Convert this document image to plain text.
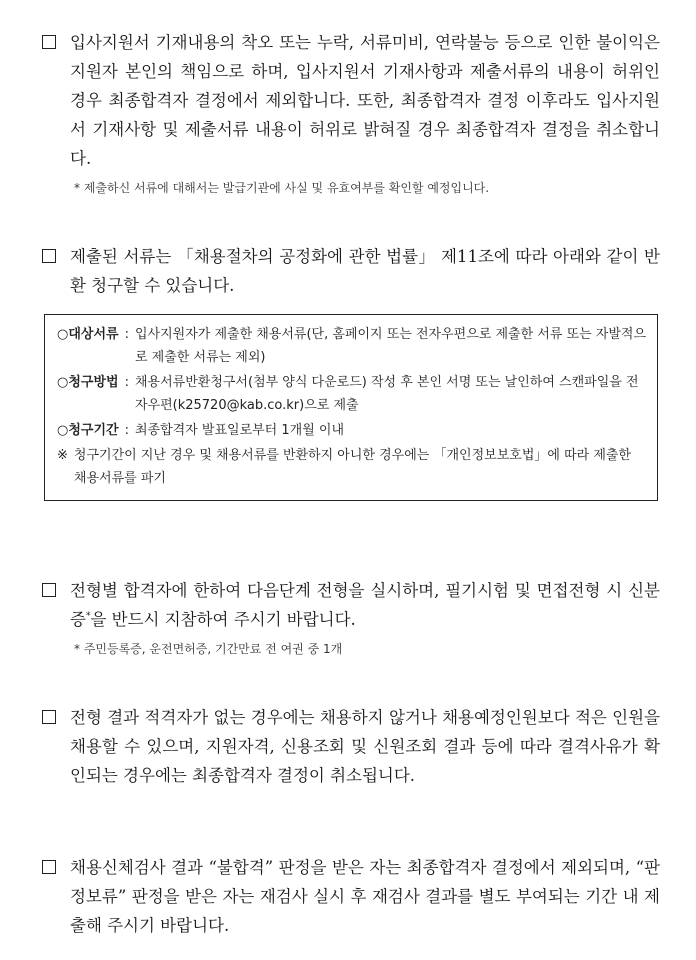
입사지원서 기재내용의 착오 또는 누락, 서류미비, 연락불능 등으로 인한 불이익은 지원자 본인의 책임으로 하며, 입사지원서 기재사항과 제출서류의 내용이 허위인 경우 최종합격자 결정에서 제외합니다. 또한, 최종합격자 결정 이후라도 입사지원서 기재사항 및 제출서류 내용이 허위로 밝혀질 경우 최종합격자 결정을 취소합니다.
* 제출하신 서류에 대해서는 발급기관에 사실 및 유효여부를 확인할 예정입니다.
제출된 서류는 「채용절차의 공정화에 관한 법률」 제11조에 따라 아래와 같이 반환 청구할 수 있습니다.
○대상서류 : 입사지원자가 제출한 채용서류(단, 홈페이지 또는 전자우편으로 제출한 서류 또는 자발적으로 제출한 서류는 제외)
○청구방법 : 채용서류반환청구서(첨부 양식 다운로드) 작성 후 본인 서명 또는 날인하여 스캔파일을 전자우편(k25720@kab.co.kr)으로 제출
○청구기간 : 최종합격자 발표일로부터 1개월 이내
※ 청구기간이 지난 경우 및 채용서류를 반환하지 아니한 경우에는 「개인정보보호법」에 따라 제출한 채용서류를 파기
전형별 합격자에 한하여 다음단계 전형을 실시하며, 필기시험 및 면접전형 시 신분증*을 반드시 지참하여 주시기 바랍니다.
* 주민등록증, 운전면허증, 기간만료 전 여권 중 1개
전형 결과 적격자가 없는 경우에는 채용하지 않거나 채용예정인원보다 적은 인원을 채용할 수 있으며, 지원자격, 신용조회 및 신원조회 결과 등에 따라 결격사유가 확인되는 경우에는 최종합격자 결정이 취소됩니다.
채용신체검사 결과 “불합격” 판정을 받은 자는 최종합격자 결정에서 제외되며, “판정보류” 판정을 받은 자는 재검사 실시 후 재검사 결과를 별도 부여되는 기간 내 제출해 주시기 바랍니다.
